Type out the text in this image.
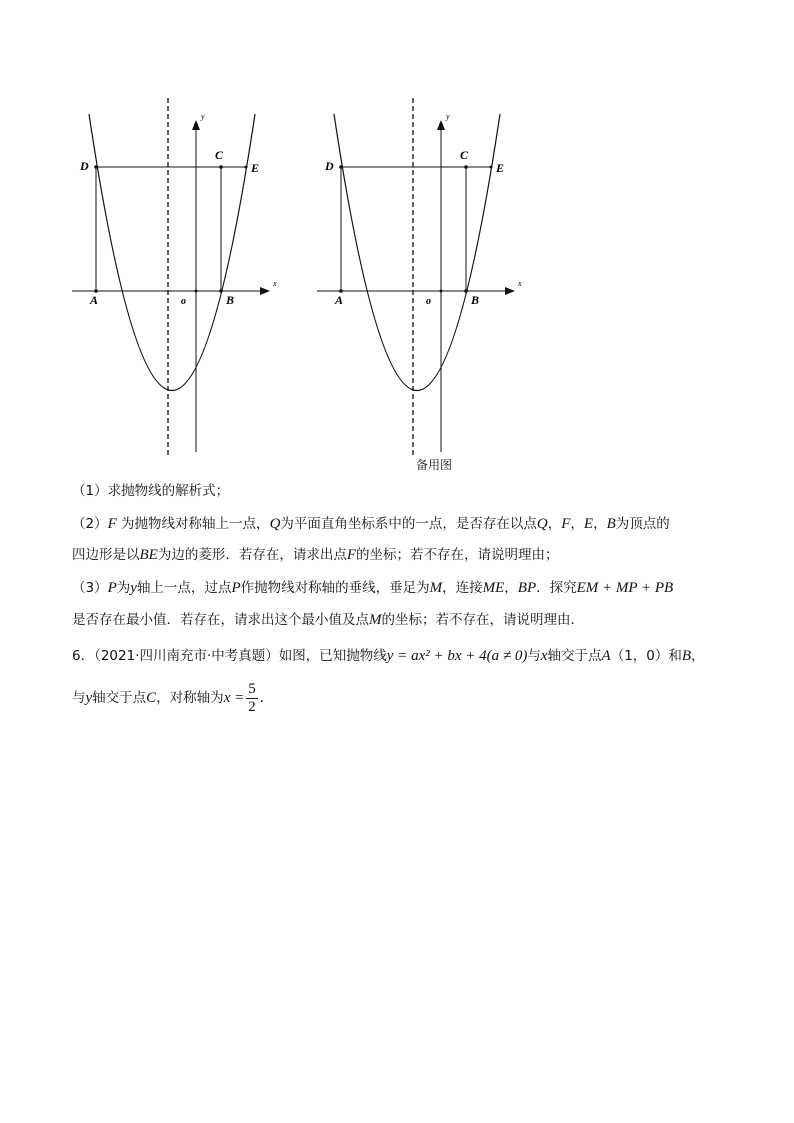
D
C
E
A	o	B
x
y
D
C
E
A	o	B
x
y
备用图
（1）求抛物线的解析式；
（2）F 为抛物线对称轴上一点，Q为平面直角坐标系中的一点，是否存在以点Q，F，E，B为顶点的
四边形是以BE为边的菱形．若存在，请求出点F的坐标；若不存在，请说明理由；
（3）P为y轴上一点，过点P作抛物线对称轴的垂线，垂足为M，连接ME，BP．探究EM + MP + PB
是否存在最小值．若存在，请求出这个最小值及点M的坐标；若不存在，请说明理由．
6．（2021·四川南充市·中考真题）如图，已知抛物线y = ax² + bx + 4(a ≠ 0)与x轴交于点A（1，0）和B，
与y轴交于点C，对称轴为$x = \frac{5}{2}$ ．
